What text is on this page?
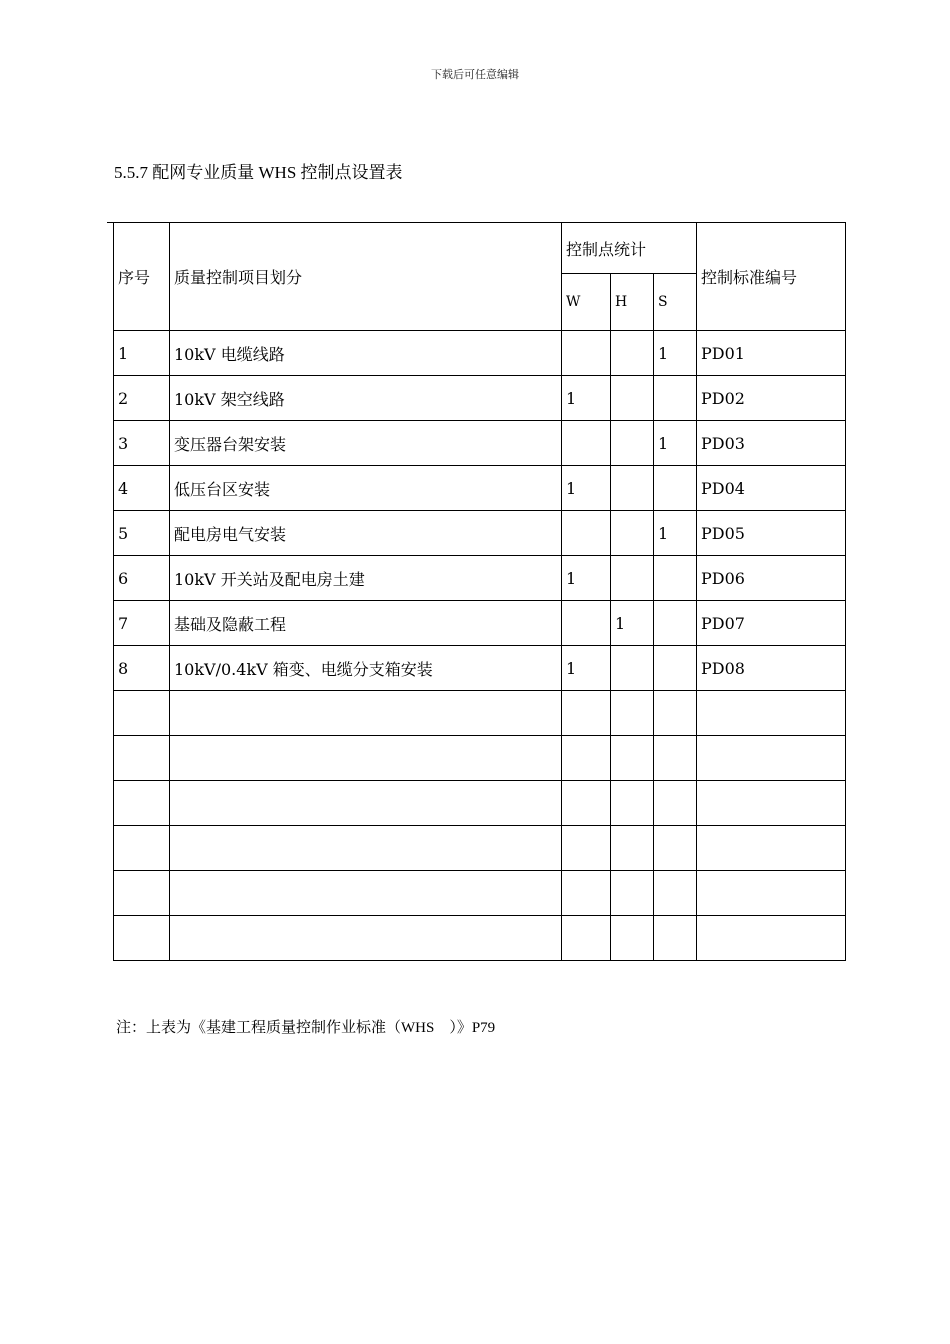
下载后可任意编辑
5.5.7 配网专业质量 WHS 控制点设置表
序号	质量控制项目划分	控制点统计			控制标准编号
		W	H	S	
1	10kV 电缆线路			1	PD01
2	10kV 架空线路	1			PD02
3	变压器台架安装			1	PD03
4	低压台区安装	1			PD04
5	配电房电气安装			1	PD05
6	10kV 开关站及配电房土建	1			PD06
7	基础及隐蔽工程		1		PD07
8	10kV/0.4kV 箱变、电缆分支箱安装	1			PD08

注：上表为《基建工程质量控制作业标准（WHS　）》P79
